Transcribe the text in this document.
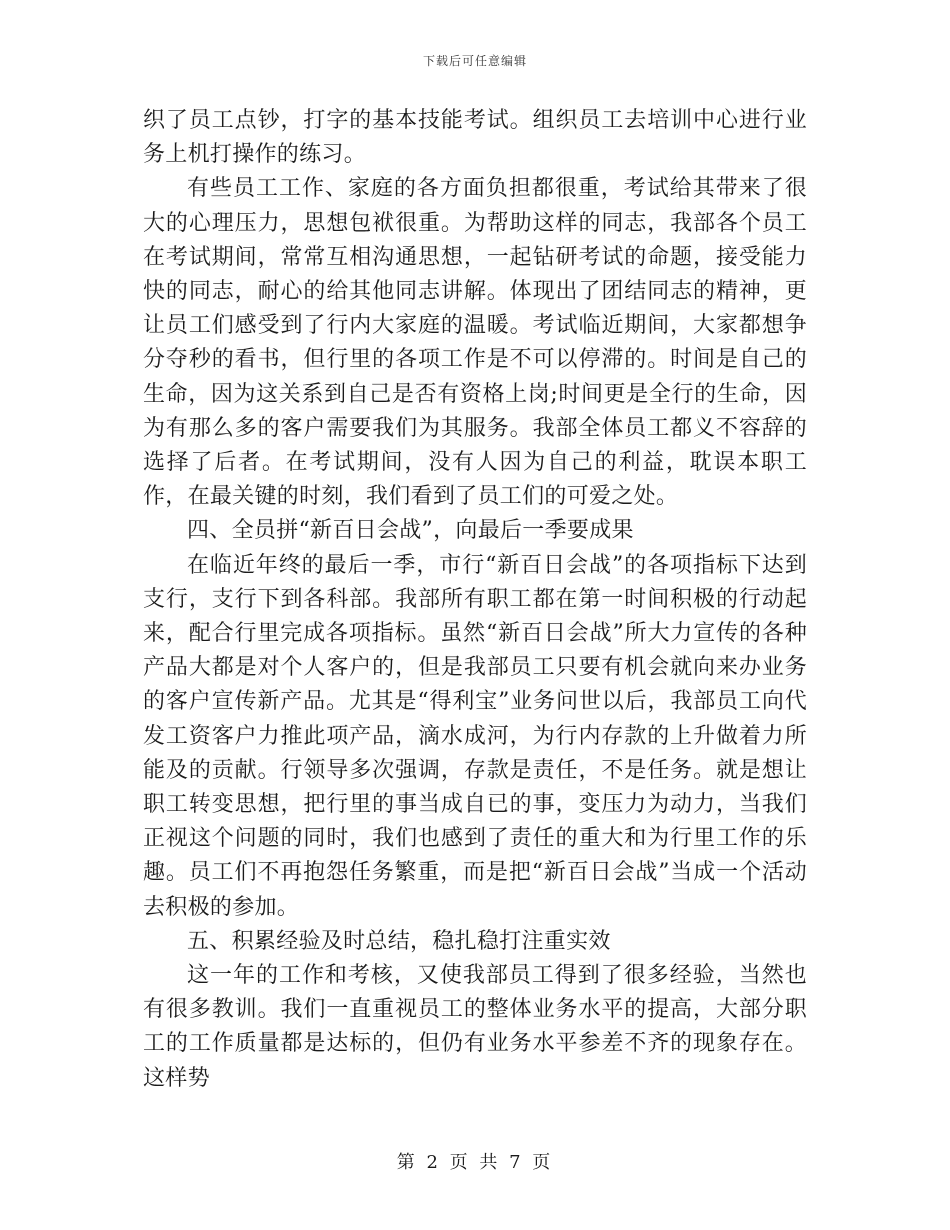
下载后可任意编辑

织了员工点钞，打字的基本技能考试。组织员工去培训中心进行业务上机打操作的练习。

有些员工工作、家庭的各方面负担都很重，考试给其带来了很大的心理压力，思想包袱很重。为帮助这样的同志，我部各个员工在考试期间，常常互相沟通思想，一起钻研考试的命题，接受能力快的同志，耐心的给其他同志讲解。体现出了团结同志的精神，更让员工们感受到了行内大家庭的温暖。考试临近期间，大家都想争分夺秒的看书，但行里的各项工作是不可以停滞的。时间是自己的生命，因为这关系到自己是否有资格上岗;时间更是全行的生命，因为有那么多的客户需要我们为其服务。我部全体员工都义不容辞的选择了后者。在考试期间，没有人因为自己的利益，耽误本职工作，在最关键的时刻，我们看到了员工们的可爱之处。

四、全员拼“新百日会战”，向最后一季要成果

在临近年终的最后一季，市行“新百日会战”的各项指标下达到支行，支行下到各科部。我部所有职工都在第一时间积极的行动起来，配合行里完成各项指标。虽然“新百日会战”所大力宣传的各种产品大都是对个人客户的，但是我部员工只要有机会就向来办业务的客户宣传新产品。尤其是“得利宝”业务问世以后，我部员工向代发工资客户力推此项产品，滴水成河，为行内存款的上升做着力所能及的贡献。行领导多次强调，存款是责任，不是任务。就是想让职工转变思想，把行里的事当成自已的事，变压力为动力，当我们正视这个问题的同时，我们也感到了责任的重大和为行里工作的乐趣。员工们不再抱怨任务繁重，而是把“新百日会战”当成一个活动去积极的参加。

五、积累经验及时总结，稳扎稳打注重实效

这一年的工作和考核，又使我部员工得到了很多经验，当然也有很多教训。我们一直重视员工的整体业务水平的提高，大部分职工的工作质量都是达标的，但仍有业务水平参差不齐的现象存在。这样势

第 2 页 共 7 页
